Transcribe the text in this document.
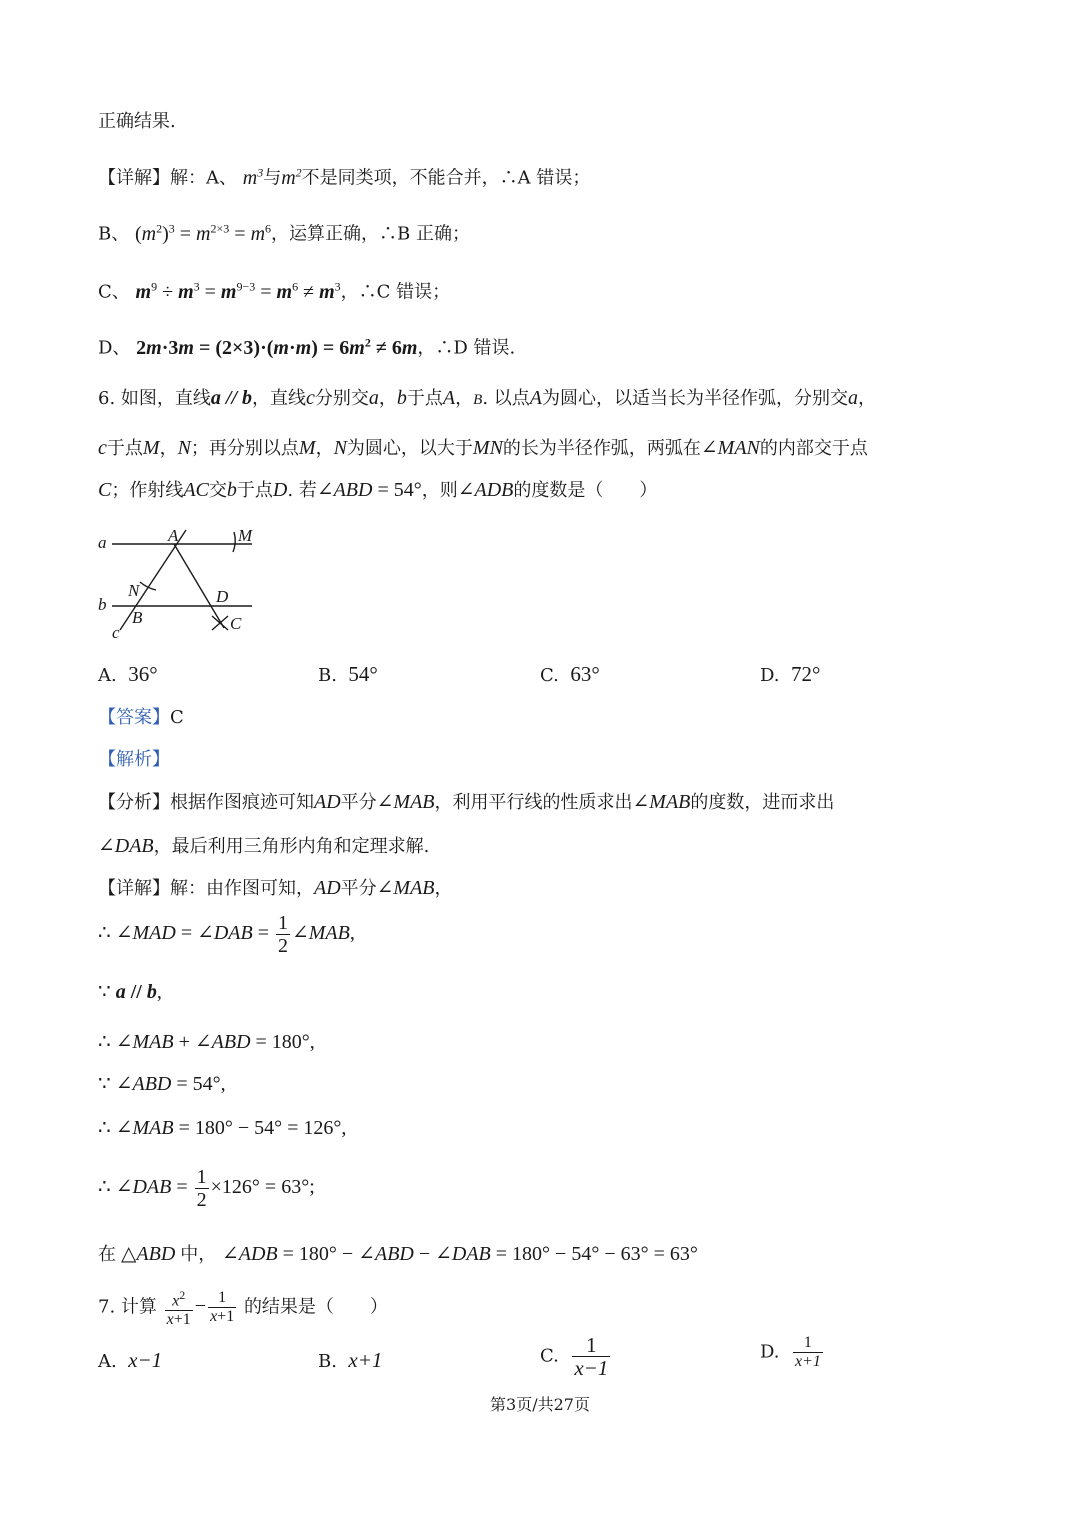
正确结果.
【详解】解：A、 $m^3$与$m^2$不是同类项，不能合并，∴A 错误；
B、 $(m^2)^3 = m^{2\times 3} = m^6$，运算正确，∴B 正确；
C、 $m^9 \div m^3 = m^{9-3} = m^6 \ne m^3$，∴C 错误；
D、 $2m\cdot 3m = (2\times 3)\cdot(m\cdot m) = 6m^2 \ne 6m$，∴D 错误.
6. 如图，直线a // b，直线c分别交a，b于点A，B. 以点A为圆心，以适当长为半径作弧，分别交a，
c于点M，N；再分别以点M，N为圆心，以大于MN的长为半径作弧，两弧在∠MAN的内部交于点
C；作射线AC交b于点D. 若∠ABD = 54°，则∠ADB的度数是（　　）
a
b
c
A	M
N
B
D
C
A. 36°	B. 54°	C. 63°	D. 72°
【答案】C
【解析】
【分析】根据作图痕迹可知AD平分∠MAB，利用平行线的性质求出∠MAB的度数，进而求出
∠DAB，最后利用三角形内角和定理求解.
【详解】解：由作图可知，AD平分∠MAB，
∴ ∠MAD = ∠DAB = $\frac{1}{2}$ ∠MAB,
∵ a // b,
∴ ∠MAB + ∠ABD = 180°,
∵ ∠ABD = 54°,
∴ ∠MAB = 180° − 54° = 126°,
∴ ∠DAB = $\frac{1}{2} \times 126^\circ = 63^\circ$;
在 △ABD 中， ∠ADB = 180° − ∠ABD − ∠DAB = 180° − 54° − 63° = 63°
7. 计算 $\frac{x^2}{x+1} - \frac{1}{x+1}$ 的结果是（　　）
A. x−1	B. x+1	C. $\frac{1}{x-1}$	D. $\frac{1}{x+1}$
第3页/共27页
